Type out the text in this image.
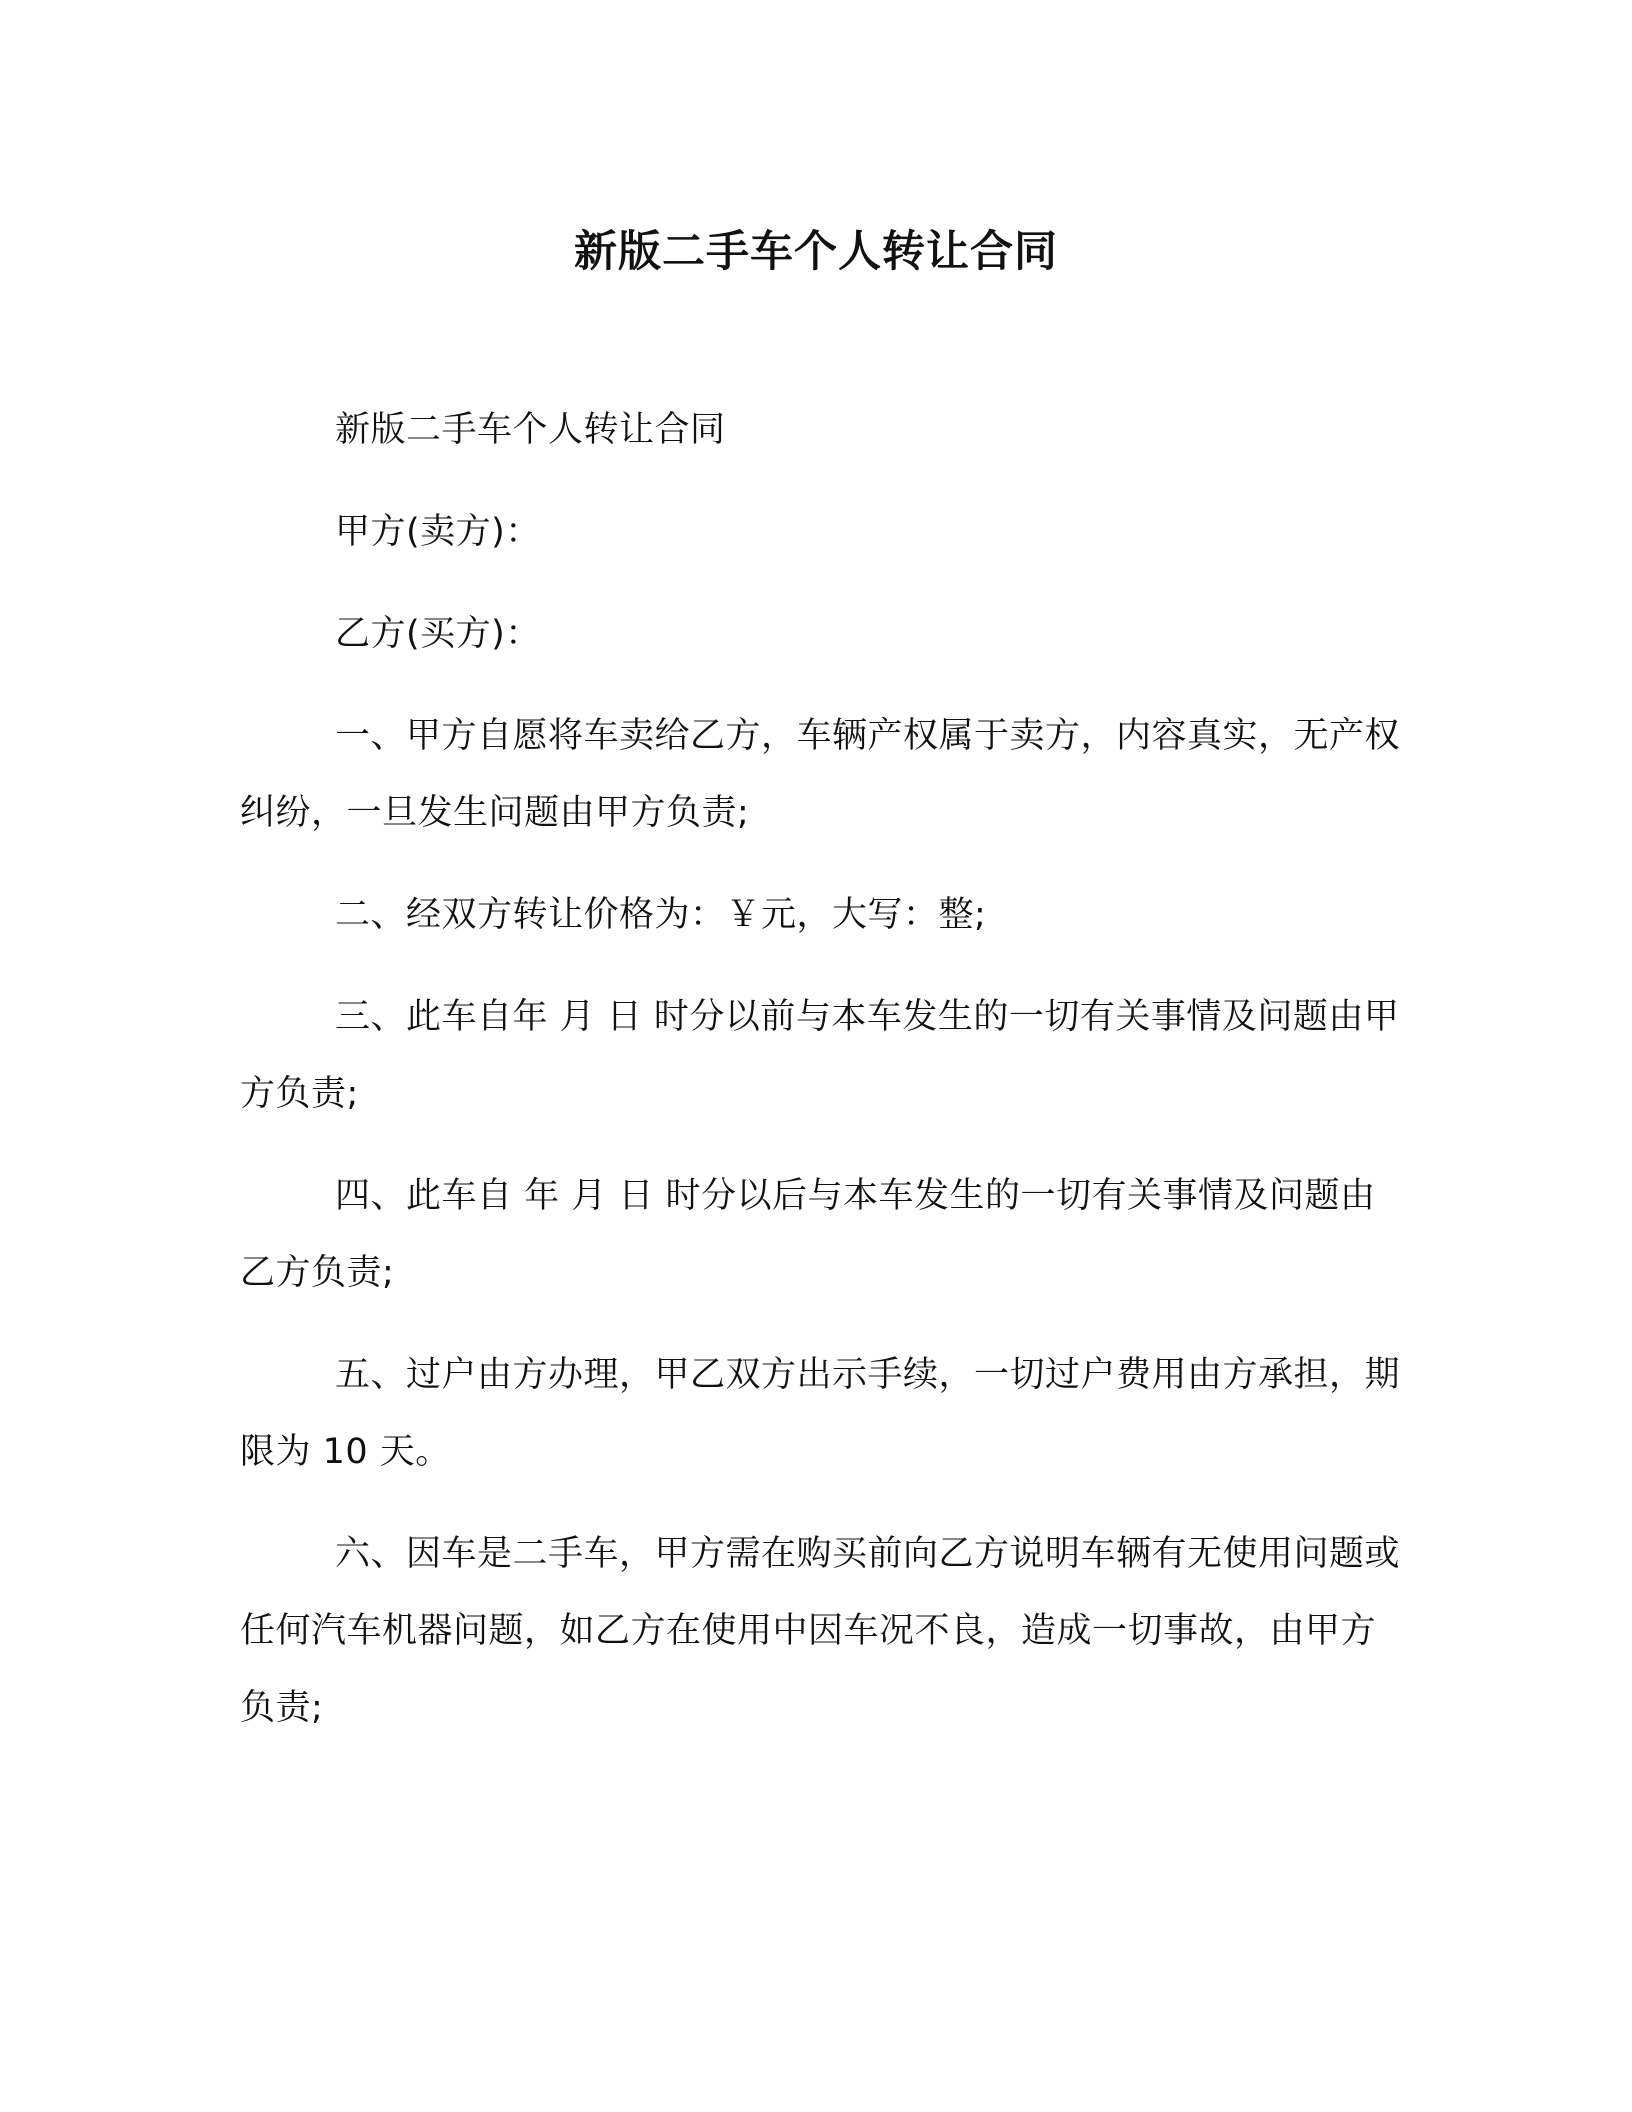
新版二手车个人转让合同

新版二手车个人转让合同

甲方(卖方)：

乙方(买方)：

一、甲方自愿将车卖给乙方，车辆产权属于卖方，内容真实，无产权纠纷，一旦发生问题由甲方负责;

二、经双方转让价格为：￥元，大写：整;

三、此车自年 月 日 时分以前与本车发生的一切有关事情及问题由甲方负责;

四、此车自 年 月 日 时分以后与本车发生的一切有关事情及问题由乙方负责;

五、过户由方办理，甲乙双方出示手续，一切过户费用由方承担，期限为 10 天。

六、因车是二手车，甲方需在购买前向乙方说明车辆有无使用问题或任何汽车机器问题，如乙方在使用中因车况不良，造成一切事故，由甲方负责;
